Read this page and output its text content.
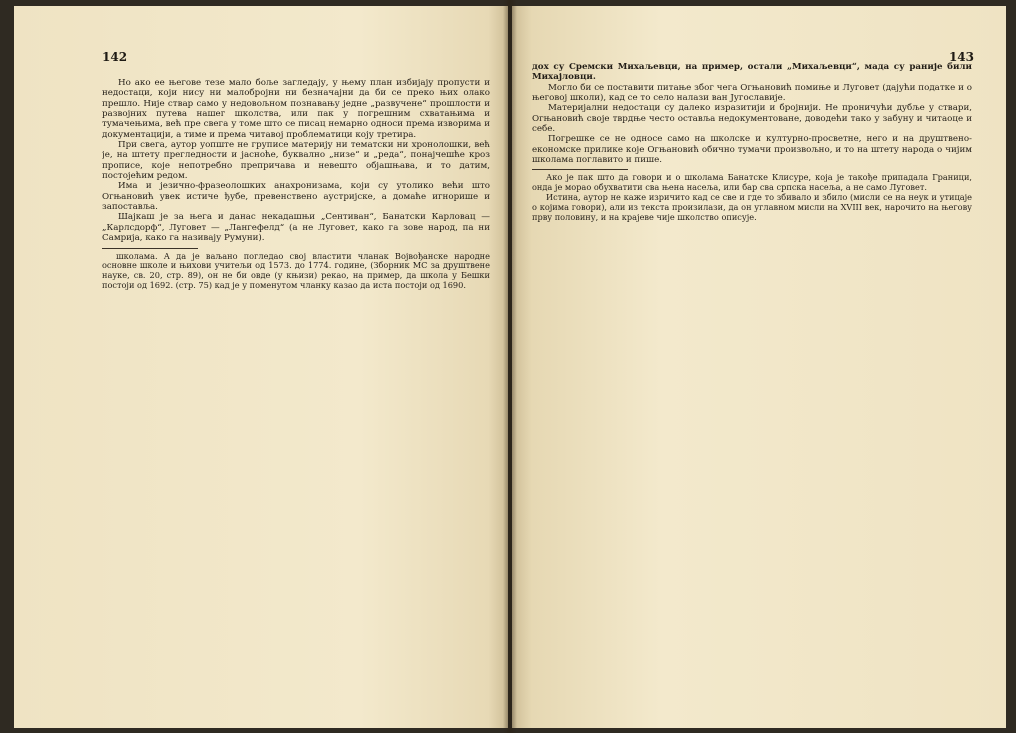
142

Но ако ее његове тезе мало боље загледају, у њему план избијају пропусти и недостаци, који нису ни малобројни ни безначајни да би се преко њих олако прешло. Није ствар само у недовољном познавању једне „развучене“ прошлости и развојних путева нашег школства, или пак у погрешним схватањима и тумачењима, већ пре свега у томе што се писац немарно односи према изворима и документацији, а тиме и према читавој проблематици коју третира.

При свега, аутор уопште не груписе материју ни тематски ни хронолошки, већ је, на штету прегледности и јасноће, буквално „низе“ и „реда“, понајчешће кроз прописе, које непотребно препричава и невешто објашњава, и то датим, постојећим редом.

Има и језично-фразеолошких анахронизама, који су утолико већи што Огњановић увек истиче ђубе, превенствено аустријске, а домаће игнорише и запоставља.

Шајкаш је за њега и данас некадашњи „Сентиван“, Банатски Карловац — „Карлсдорф“, Луговет — „Лангефелд“ (а не Луговет, како га зове народ, па ни Самрија, како га називају Румуни).

школама. А да је ваљано погледао свој властити чланак Војвођанске народне основне школе и њихови учитељи од 1573. до 1774. године, (Зборник МС за друштвене науке, св. 20, стр. 89), он не би овде (у књизи) рекао, на пример, да школа у Бешки постоји од 1692. (стр. 75) кад је у поменутом чланку казао да иста постоји од 1690.

143

дох су Сремски Михаљевци, на пример, остали „Михаљевци“, мада су раније били Михајловци.

Могло би се поставити питање због чега Огњановић помиње и Луговет (дајући податке и о његовој школи), кад се то село налази ван Југославије.

Материјални недостаци су далеко изразитији и бројнији. Не проничући дубље у ствари, Огњановић своје тврдње често оставља недокументоване, доводећи тако у забуну и читаоце и себе.

Погрешке се не односе само на школске и културно-просветне, него и на друштвено-економске прилике које Огњановић обично тумачи произвољно, и то на штету народа о чијим школама поглавито и пише.

Ако је пак што да говори и о школама Банатске Клисуре, која је такође припадала Граници, онда је морао обухватити сва њена насеља, или бар сва српска насеља, а не само Луговет.

Истина, аутор не каже изричито кад се све и где то збивало и збило (мисли се на неук и утицаје о којима говори), али из текста произилази, да он углавном мисли на XVIII век, нарочито на његову прву половину, и на крајеве чије школство описује.
